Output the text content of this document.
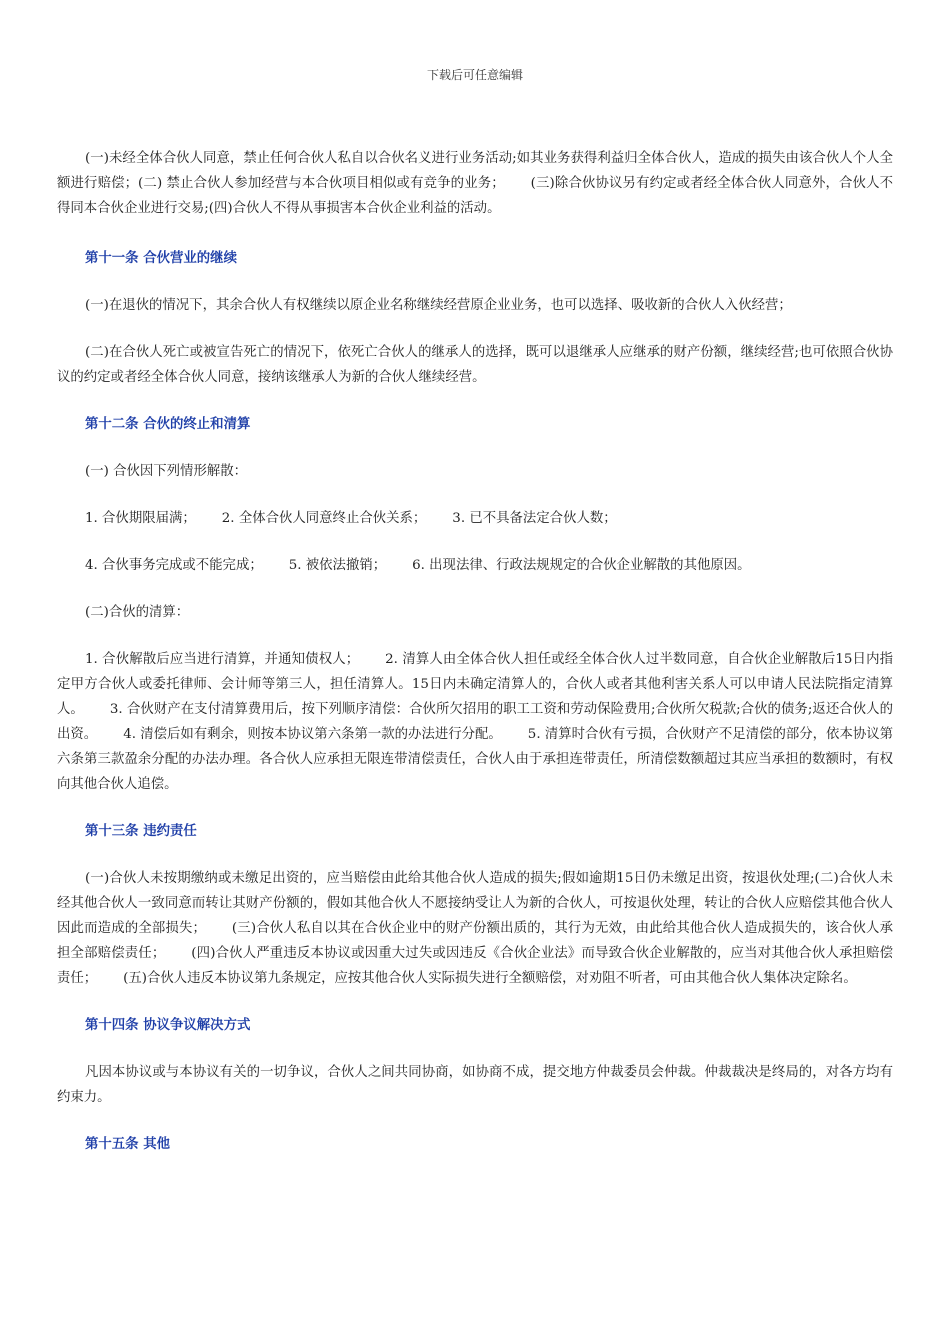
下载后可任意编辑

(一)未经全体合伙人同意，禁止任何合伙人私自以合伙名义进行业务活动;如其业务获得利益归全体合伙人，造成的损失由该合伙人个人全额进行赔偿；(二) 禁止合伙人参加经营与本合伙项目相似或有竞争的业务； (三)除合伙协议另有约定或者经全体合伙人同意外，合伙人不得同本合伙企业进行交易;(四)合伙人不得从事损害本合伙企业利益的活动。

第十一条 合伙营业的继续

(一)在退伙的情况下，其余合伙人有权继续以原企业名称继续经营原企业业务，也可以选择、吸收新的合伙人入伙经营；

(二)在合伙人死亡或被宣告死亡的情况下，依死亡合伙人的继承人的选择，既可以退继承人应继承的财产份额，继续经营;也可依照合伙协议的约定或者经全体合伙人同意，接纳该继承人为新的合伙人继续经营。

第十二条 合伙的终止和清算

(一) 合伙因下列情形解散：

1. 合伙期限届满； 2. 全体合伙人同意终止合伙关系； 3. 已不具备法定合伙人数；

4. 合伙事务完成或不能完成； 5. 被依法撤销； 6. 出现法律、行政法规规定的合伙企业解散的其他原因。

(二)合伙的清算：

1. 合伙解散后应当进行清算，并通知债权人； 2. 清算人由全体合伙人担任或经全体合伙人过半数同意，自合伙企业解散后15日内指定甲方合伙人或委托律师、会计师等第三人，担任清算人。15日内未确定清算人的，合伙人或者其他利害关系人可以申请人民法院指定清算人。 3. 合伙财产在支付清算费用后，按下列顺序清偿：合伙所欠招用的职工工资和劳动保险费用;合伙所欠税款;合伙的债务;返还合伙人的出资。 4. 清偿后如有剩余，则按本协议第六条第一款的办法进行分配。 5. 清算时合伙有亏损，合伙财产不足清偿的部分，依本协议第六条第三款盈余分配的办法办理。各合伙人应承担无限连带清偿责任，合伙人由于承担连带责任，所清偿数额超过其应当承担的数额时，有权向其他合伙人追偿。

第十三条 违约责任

(一)合伙人未按期缴纳或未缴足出资的，应当赔偿由此给其他合伙人造成的损失;假如逾期15日仍未缴足出资，按退伙处理;(二)合伙人未经其他合伙人一致同意而转让其财产份额的，假如其他合伙人不愿接纳受让人为新的合伙人，可按退伙处理，转让的合伙人应赔偿其他合伙人因此而造成的全部损失； (三)合伙人私自以其在合伙企业中的财产份额出质的，其行为无效，由此给其他合伙人造成损失的，该合伙人承担全部赔偿责任； (四)合伙人严重违反本协议或因重大过失或因违反《合伙企业法》而导致合伙企业解散的，应当对其他合伙人承担赔偿责任； (五)合伙人违反本协议第九条规定，应按其他合伙人实际损失进行全额赔偿，对劝阻不听者，可由其他合伙人集体决定除名。

第十四条 协议争议解决方式

凡因本协议或与本协议有关的一切争议，合伙人之间共同协商，如协商不成，提交地方仲裁委员会仲裁。仲裁裁决是终局的，对各方均有约束力。

第十五条 其他
